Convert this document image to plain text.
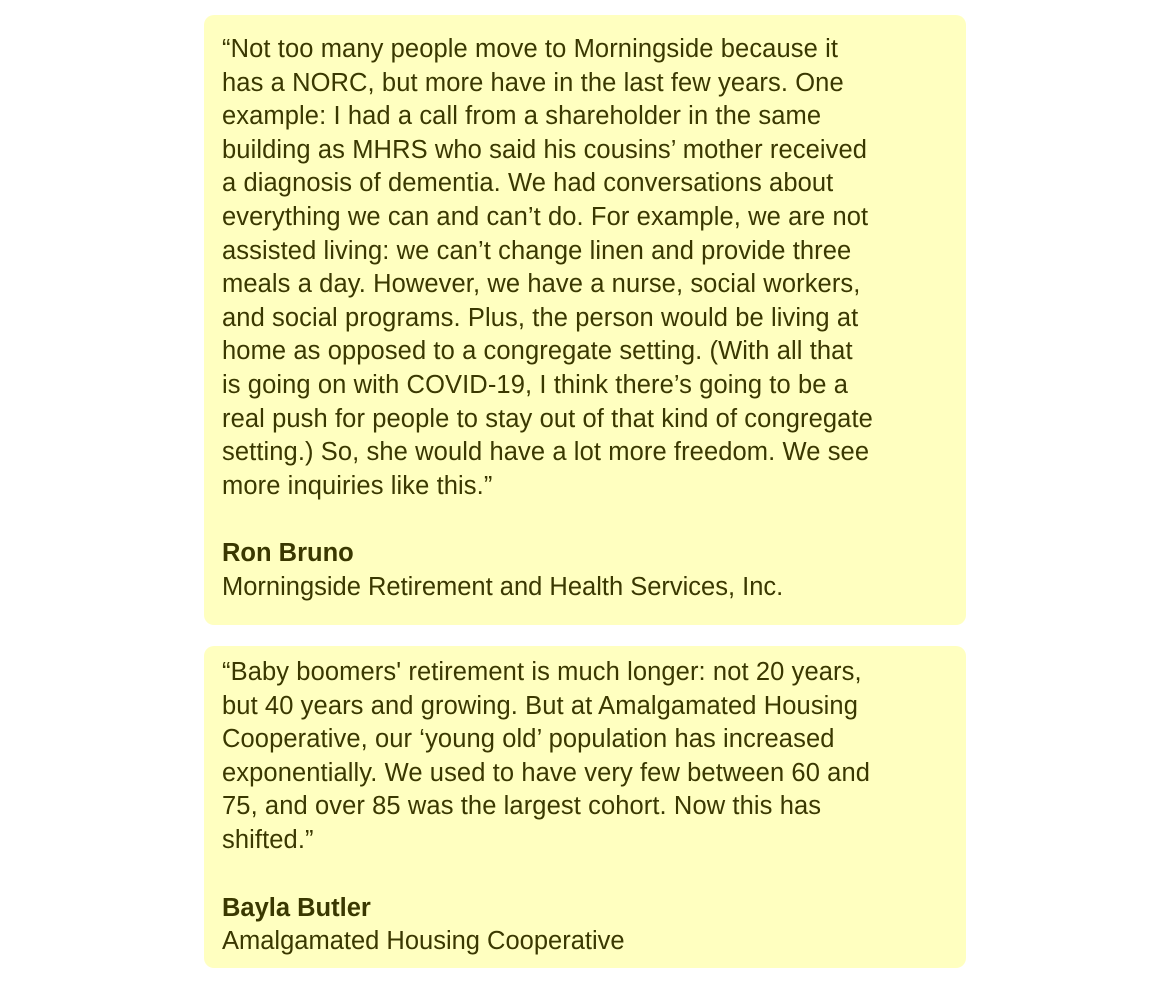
“Not too many people move to Morningside because it
has a NORC, but more have in the last few years. One
example: I had a call from a shareholder in the same
building as MHRS who said his cousins’ mother received
a diagnosis of dementia. We had conversations about
everything we can and can’t do. For example, we are not
assisted living: we can’t change linen and provide three
meals a day. However, we have a nurse, social workers,
and social programs. Plus, the person would be living at
home as opposed to a congregate setting. (With all that
is going on with COVID-19, I think there’s going to be a
real push for people to stay out of that kind of congregate
setting.) So, she would have a lot more freedom. We see
more inquiries like this.”

Ron Bruno

Morningside Retirement and Health Services, Inc.

“Baby boomers' retirement is much longer: not 20 years,
but 40 years and growing. But at Amalgamated Housing
Cooperative, our ‘young old’ population has increased
exponentially. We used to have very few between 60 and
75, and over 85 was the largest cohort. Now this has
shifted.”

Bayla Butler

Amalgamated Housing Cooperative
